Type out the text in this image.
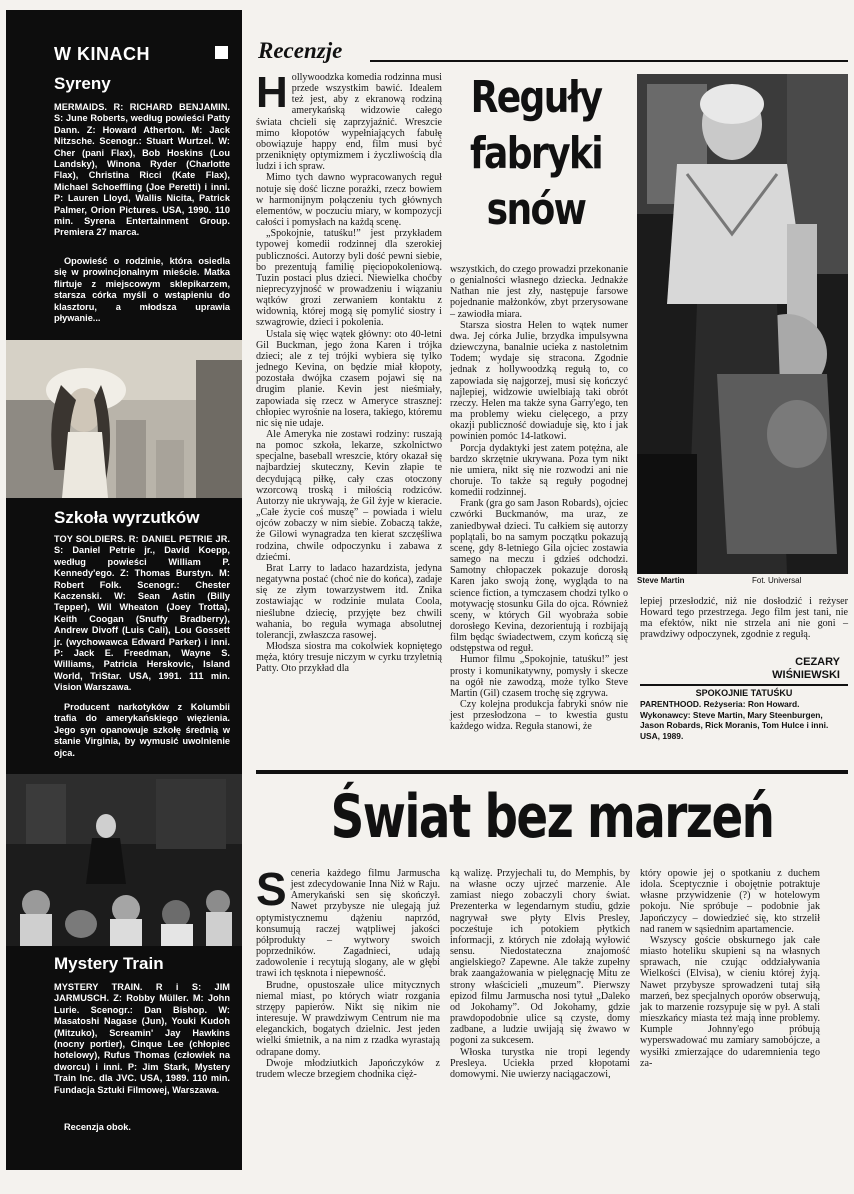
W KINACH
Syreny
MERMAIDS. R: RICHARD BENJAMIN. S: June Roberts, według powieści Patty Dann. Z: Howard Atherton. M: Jack Nitzsche. Scenogr.: Stuart Wurtzel. W: Cher (pani Flax), Bob Hoskins (Lou Landsky), Winona Ryder (Charlotte Flax), Christina Ricci (Kate Flax), Michael Schoeffling (Joe Peretti) i inni. P: Lauren Lloyd, Wallis Nicita, Patrick Palmer, Orion Pictures. USA, 1990. 110 min. Syrena Entertainment Group. Premiera 27 marca.
Opowieść o rodzinie, która osiedla się w prowincjonalnym mieście. Matka flirtuje z miejscowym sklepikarzem, starsza córka myśli o wstąpieniu do klasztoru, a młodsza uprawia pływanie...
Szkoła wyrzutków
TOY SOLDIERS. R: DANIEL PETRIE JR. S: Daniel Petrie jr., David Koepp, według powieści William P. Kennedy'ego. Z: Thomas Burstyn. M: Robert Folk. Scenogr.: Chester Kaczenski. W: Sean Astin (Billy Tepper), Wil Wheaton (Joey Trotta), Keith Coogan (Snuffy Bradberry), Andrew Divoff (Luis Cali), Lou Gossett jr. (wychowawca Edward Parker) i inni. P: Jack E. Freedman, Wayne S. Williams, Patricia Herskovic, Island World, TriStar. USA, 1991. 111 min. Vision Warszawa.
Producent narkotyków z Kolumbii trafia do amerykańskiego więzienia. Jego syn opanowuje szkołę średnią w stanie Virginia, by wymusić uwolnienie ojca.
Mystery Train
MYSTERY TRAIN. R i S: JIM JARMUSCH. Z: Robby Müller. M: John Lurie. Scenogr.: Dan Bishop. W: Masatoshi Nagase (Jun), Youki Kudoh (Mitzuko), Screamin' Jay Hawkins (nocny portier), Cinque Lee (chłopiec hotelowy), Rufus Thomas (człowiek na dworcu) i inni. P: Jim Stark, Mystery Train Inc. dla JVC. USA, 1989. 110 min. Fundacja Sztuki Filmowej, Warszawa.
Recenzja obok.
Recenzje
Reguły fabryki snów
H ollywoodzka komedia rodzinna musi przede wszystkim bawić. Idealem też jest, aby z ekranową rodziną amerykańską widzowie całego świata chcieli się zaprzyjaźnić. Wreszcie mimo kłopotów wypełniających fabułę obowiązuje happy end, film musi być przeniknięty optymizmem i życzliwością dla ludzi i ich spraw.

Mimo tych dawno wypracowanych reguł notuje się dość liczne porażki, rzecz bowiem w harmonijnym połączeniu tych głównych elementów, w poczuciu miary, w kompozycji całości i pomysłach na każdą scenę.

„Spokojnie, tatuśku!” jest przykładem typowej komedii rodzinnej dla szerokiej publiczności. Autorzy byli dość pewni siebie, bo prezentują familię pięciopokoleniową. Tuzin postaci plus dzieci. Niewielka choćby nieprecyzyjność w prowadzeniu i wiązaniu wątków grozi zerwaniem kontaktu z widownią, której mogą się pomylić siostry i szwagrowie, dzieci i pokolenia.

Ustala się więc wątek główny: oto 40-letni Gil Buckman, jego żona Karen i trójka dzieci; ale z tej trójki wybiera się tylko jednego Kevina, on będzie miał kłopoty, pozostała dwójka czasem pojawi się na drugim planie. Kevin jest nieśmiały, zapowiada się rzecz w Ameryce strasznej: chłopiec wyrośnie na losera, takiego, któremu nic się nie udaje.

Ale Ameryka nie zostawi rodziny: ruszają na pomoc szkoła, lekarze, szkolnictwo specjalne, baseball wreszcie, który okazał się najbardziej skuteczny, Kevin złapie te decydującą piłkę, cały czas otoczony wzorcową troską i miłością rodziców. Autorzy nie ukrywają, że Gil żyje w kieracie. „Całe życie coś muszę” – powiada i wielu ojców zobaczy w nim siebie. Zobaczą także, że Gilowi wynagradza ten kierat szczęśliwa rodzina, chwile odpoczynku i zabawa z dziećmi.

Brat Larry to ladaco hazardzista, jedyna negatywna postać (choć nie do końca), zadaje się ze złym towarzystwem itd. Znika zostawiając w rodzinie mulata Coola, nieślubne dziecię, przyjęte bez chwili wahania, bo reguła wymaga absolutnej tolerancji, zwłaszcza rasowej.

Młodsza siostra ma cokolwiek kopniętego męża, który tresuje niczym w cyrku trzyletnią Patty. Oto przykład dla

wszystkich, do czego prowadzi przekonanie o genialności własnego dziecka. Jednakże Nathan nie jest zły, następuje farsowe pojednanie małżonków, zbyt przerysowane – zawiodła miara.

Starsza siostra Helen to wątek numer dwa. Jej córka Julie, brzydka impulsywna dziewczyna, banalnie ucieka z nastoletnim Todem; wydaje się stracona. Zgodnie jednak z hollywoodzką regułą to, co zapowiada się najgorzej, musi się kończyć najlepiej, widzowie uwielbiają taki obrót rzeczy. Helen ma także syna Garry'ego, ten ma problemy wieku cielęcego, a przy okazji publiczność dowiaduje się, kto i jak powinien pomóc 14-latkowi.

Porcja dydaktyki jest zatem potężna, ale bardzo skrzętnie ukrywana. Poza tym nikt nie umiera, nikt się nie rozwodzi ani nie choruje. To także są reguły pogodnej komedii rodzinnej.

Frank (gra go sam Jason Robards), ojciec czwórki Buckmanów, ma uraz, ze zaniedbywał dzieci. Tu całkiem się autorzy poplątali, bo na samym początku pokazują scenę, gdy 8-letniego Gila ojciec zostawia samego na meczu i gdzieś odchodzi. Samotny chłopaczek pokazuje dorosłą Karen jako swoją żonę, wygląda to na science fiction, a tymczasem chodzi tylko o motywację stosunku Gila do ojca. Również sceny, w których Gil wyobraża sobie dorosłego Kevina, dezorientują i rozbijają film będąc świadectwem, czym kończą się odstępstwa od reguł.

Humor filmu „Spokojnie, tatuśku!” jest prosty i komunikatywny, pomysły i skecze na ogół nie zawodzą, może tylko Steve Martin (Gil) czasem trochę się zgrywa.

Czy kolejna produkcja fabryki snów nie jest przesłodzona – to kwestia gustu każdego widza. Reguła stanowi, że

Steve Martin	Fot. Universal

lepiej przesłodzić, niż nie dosłodzić i reżyser Howard tego przestrzega. Jego film jest tani, nie ma efektów, nikt nie strzela ani nie goni – prawdziwy odpoczynek, zgodnie z regułą.

CEZARY
WIŚNIEWSKI
SPOKOJNIE TATUŚKU
PARENTHOOD. Reżyseria: Ron Howard. Wykonawcy: Steve Martin, Mary Steenburgen, Jason Robards, Rick Moranis, Tom Hulce i inni. USA, 1989.
Świat bez marzeń
S ceneria każdego filmu Jarmuscha jest zdecydowanie Inna Niż w Raju. Amerykański sen się skończył. Nawet przybysze nie ulegają już optymistycznemu dążeniu naprzód, konsumują raczej wątpliwej jakości półprodukty – wytwory swoich poprzedników. Zagadnieci, udają zadowolenie i recytują slogany, ale w głębi trawi ich tęsknota i niepewność.

Brudne, opustoszałe ulice mitycznych niemal miast, po których wiatr rozgania strzępy papierów. Nikt się nikim nie interesuje. W prawdziwym Centrum nie ma eleganckich, bogatych dzielnic. Jest jeden wielki śmietnik, a na nim z rzadka wyrastają odrapane domy.

Dwoje młodziutkich Japończyków z trudem wlecze brzegiem chodnika cięż-

ką walizę. Przyjechali tu, do Memphis, by na własne oczy ujrzeć marzenie. Ale zamiast niego zobaczyli chory świat. Prezenterka w legendarnym studiu, gdzie nagrywał swe płyty Elvis Presley, pocześtuje ich potokiem płytkich informacji, z których nie zdołają wyłowić sensu. Niedostateczna znajomość angielskiego? Zapewne. Ale także zupełny brak zaangażowania w pielęgnację Mitu ze strony właścicieli „muzeum”. Pierwszy epizod filmu Jarmuscha nosi tytuł „Daleko od Jokohamy”. Od Jokohamy, gdzie prawdopodobnie ulice są czyste, domy zadbane, a ludzie uwijają się żwawo w pogoni za sukcesem.

Włoska turystka nie tropi legendy Presleya. Uciekła przed kłopotami domowymi. Nie uwierzy naciągaczowi,

który opowie jej o spotkaniu z duchem idola. Sceptycznie i obojętnie potraktuje własne przywidzenie (?) w hotelowym pokoju. Nie spróbuje – podobnie jak Japończycy – dowiedzieć się, kto strzelił nad ranem w sąsiednim apartamencie.

Wszyscy goście obskurnego jak całe miasto hoteliku skupieni są na własnych sprawach, nie czując oddziaływania Wielkości (Elvisa), w cieniu której żyją. Nawet przybysze sprowadzeni tutaj siłą marzeń, bez specjalnych oporów obserwują, jak to marzenie rozsypuje się w pył. A stali mieszkańcy miasta też mają inne problemy. Kumple Johnny'ego próbują wyperswadować mu zamiary samobójcze, a wysiłki zmierzające do udaremnienia tego za-
